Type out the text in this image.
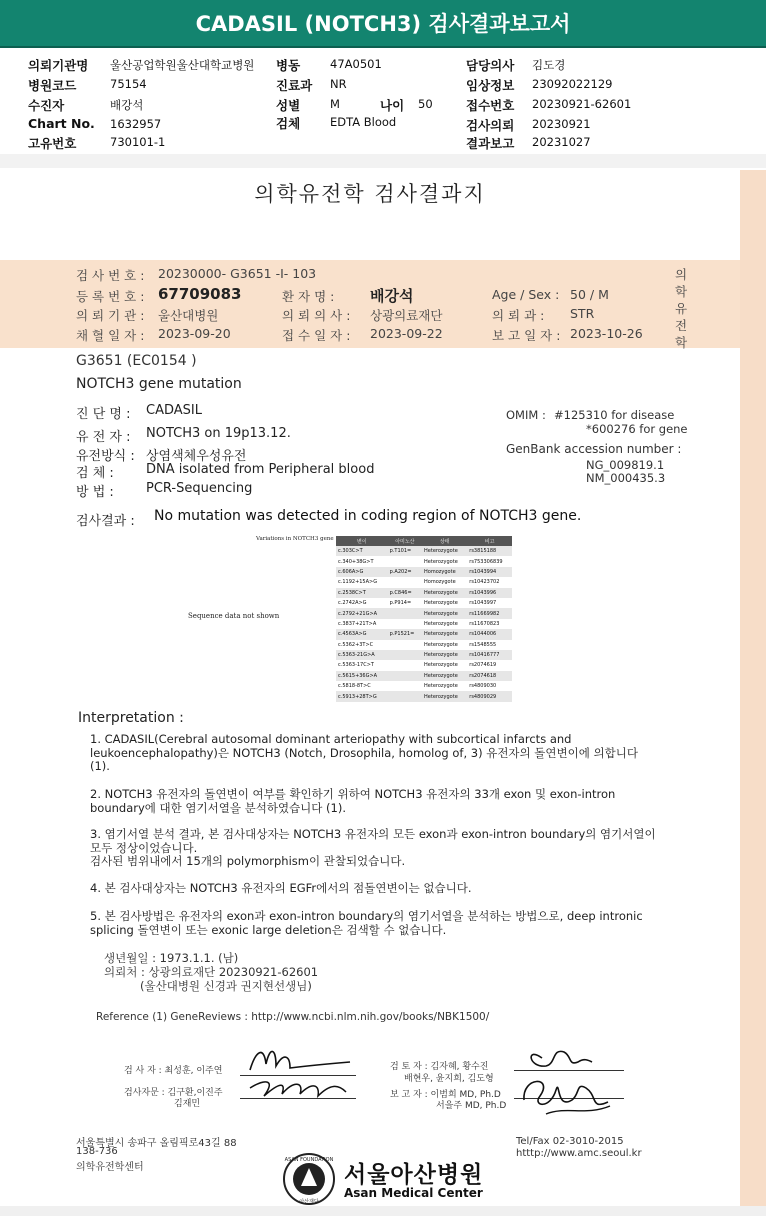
CADASIL (NOTCH3) 검사결과보고서
의뢰기관명 울산공업학원울산대학교병원
병원코드	75154
수진자	배강석
Chart No. 1632957
고유번호	730101-1
병동	47A0501
진료과 NR
성별	M	나이 50
검체	EDTA Blood
담당의사 김도경
임상정보 23092022129
접수번호 20230921-62601
검사의뢰 20230921
결과보고 20231027
의학유전학 검사결과지
검 사 번 호 : 20230000- G3651 -I- 103
등 록 번 호 : 67709083	환 자 명 : 배강석	Age / Sex : 50 / M
의 뢰 기 관 : 울산대병원	의 뢰 의 사 : 상광의료재단	의 뢰 과 : STR
채 혈 일 자 : 2023-09-20	접 수 일 자 : 2023-09-22	보 고 일 자 : 2023-10-26
의
학
유
전
학
G3651 (EC0154 )
NOTCH3 gene mutation
진 단 명 : CADASIL
유 전 자 : NOTCH3 on 19p13.12.
유전방식 : 상염색체우성유전
검 체 : DNA isolated from Peripheral blood
방 법 : PCR-Sequencing
OMIM : #125310 for disease
*600276 for gene
GenBank accession number :
NG_009819.1
NM_000435.3
검사결과 : No mutation was detected in coding region of NOTCH3 gene.
Variations in NOTCH3 gene
Sequence data not shown
변이	아미노산	상태	비고
c.303C>T	p.T101=	Heterozygote	rs3815188
c.340+38G>T		Heterozygote	rs753306839
c.606A>G	p.A202=	Homozygote	rs1043994
c.1192+15A>G		Homozygote	rs10423702
c.2538C>T	p.C846=	Heterozygote	rs1043996
c.2742A>G	p.P914=	Heterozygote	rs1043997
c.2792+21G>A		Heterozygote	rs11669982
c.3837+21T>A		Heterozygote	rs11670823
c.4563A>G	p.P1521=	Heterozygote	rs1044006
c.5362+3T>C		Heterozygote	rs1548555
c.5363-21G>A		Heterozygote	rs10416777
c.5363-17C>T		Heterozygote	rs2074619
c.5615+36G>A		Heterozygote	rs2074618
c.5818-8T>C		Heterozygote	rs4809030
c.5913+28T>G		Heterozygote	rs4809029
Interpretation :
1. CADASIL(Cerebral autosomal dominant arteriopathy with subcortical infarcts and leukoencephalopathy)은 NOTCH3 (Notch, Drosophila, homolog of, 3) 유전자의 돌연변이에 의합니다 (1).
2. NOTCH3 유전자의 돌연변이 여부를 확인하기 위하여 NOTCH3 유전자의 33개 exon 및 exon-intron boundary에 대한 염기서열을 분석하였습니다 (1).
3. 염기서열 분석 결과, 본 검사대상자는 NOTCH3 유전자의 모든 exon과 exon-intron boundary의 염기서열이 모두 정상이었습니다.
검사된 범위내에서 15개의 polymorphism이 관찰되었습니다.
4. 본 검사대상자는 NOTCH3 유전자의 EGFr에서의 점돌연변이는 없습니다.
5. 본 검사방법은 유전자의 exon과 exon-intron boundary의 염기서열을 분석하는 방법으로, deep intronic splicing 돌연변이 또는 exonic large deletion은 검색할 수 없습니다.
생년월일 : 1973.1.1. (남)
의뢰처 : 상광의료재단 20230921-62601
(울산대병원 신경과 권지현선생님)
Reference (1) GeneReviews : http://www.ncbi.nlm.nih.gov/books/NBK1500/
검 사 자 : 최성훈, 이주연
검사자문 : 김구환,이진주
김재민
검 토 자 : 김자혜, 황수진
배현우, 윤지희, 김도형
보 고 자 : 이범희 MD, Ph.D
서을주 MD, Ph.D
서울특별시 송파구 올림픽로43길 88
138-736
의학유전학센터
Tel/Fax 02-3010-2015
htttp://www.amc.seoul.kr
ASAN FOUNDATION
아산재단
서울아산병원
Asan Medical Center
